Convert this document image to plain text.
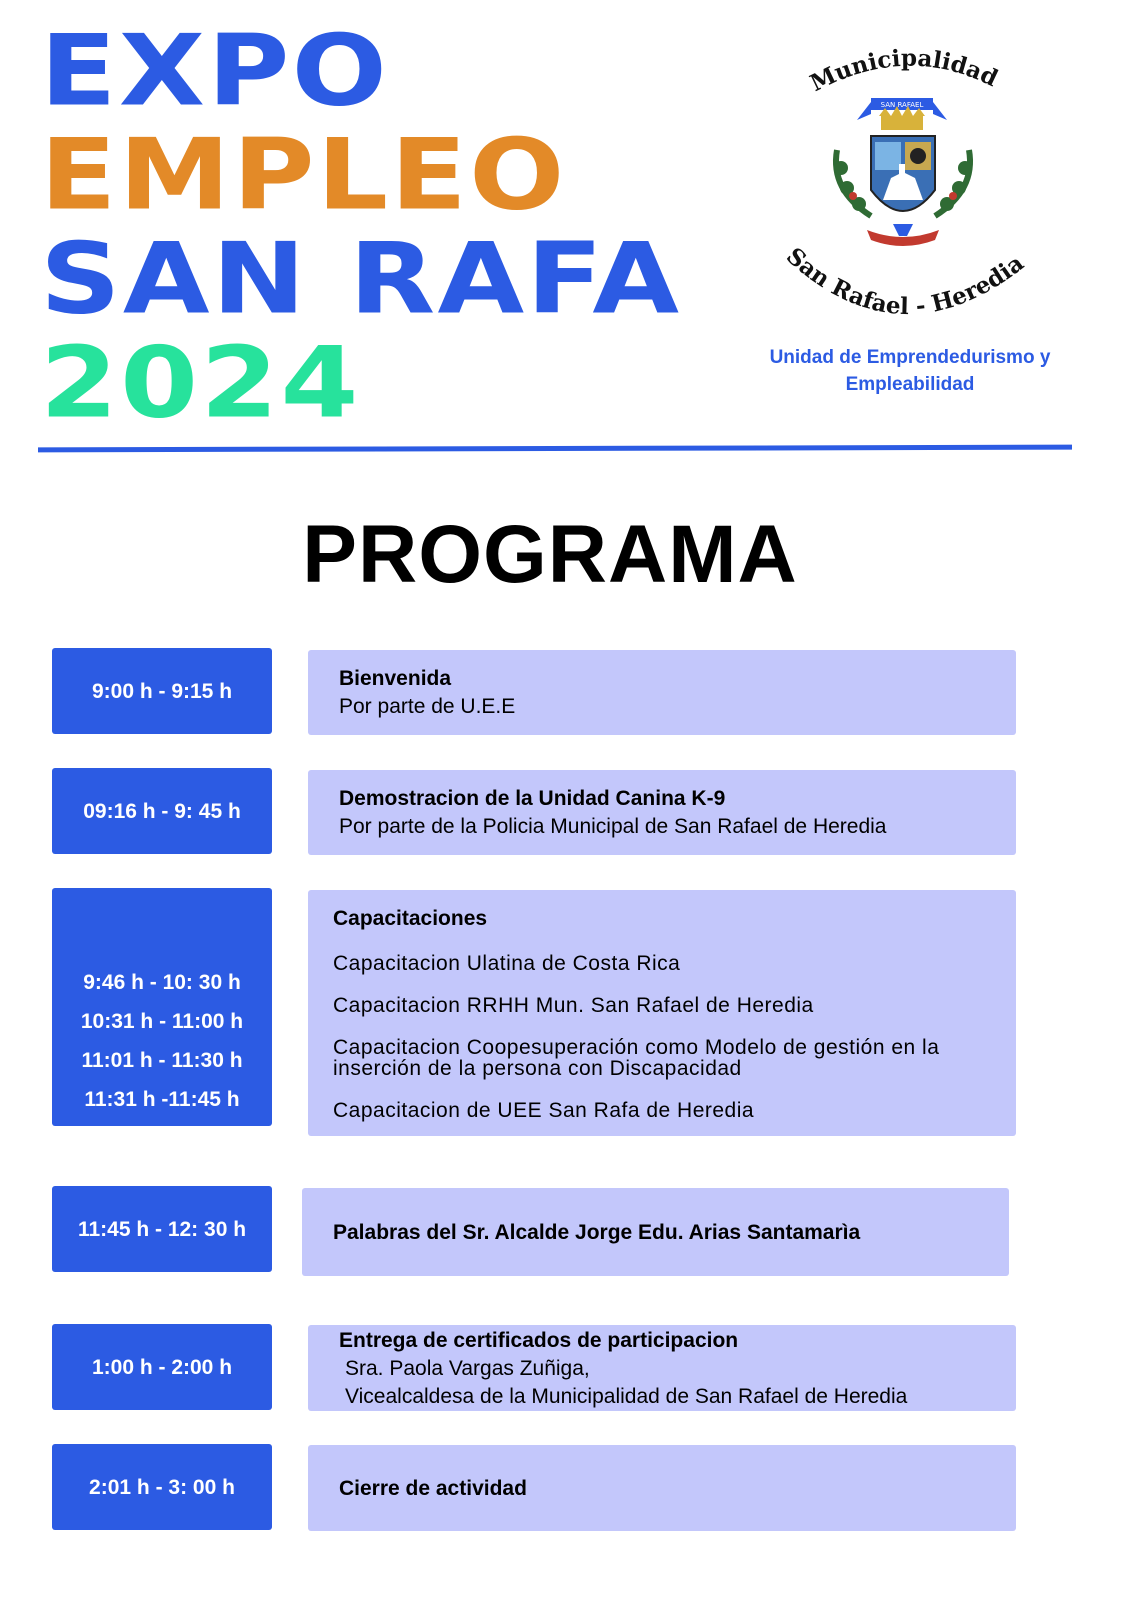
EXPO
EMPLEO
SAN RAFA
2024
Municipalidad
San Rafael - Heredia
SAN RAFAEL
Unidad de Emprendedurismo y
Empleabilidad
PROGRAMA
9:00 h - 9:15 h
Bienvenida
Por parte de U.E.E
09:16 h - 9: 45 h
Demostracion de la Unidad Canina K-9
Por parte de la Policia Municipal de San Rafael de Heredia
9:46 h - 10: 30 h
10:31 h - 11:00 h
11:01 h - 11:30 h
11:31 h -11:45 h
Capacitaciones
Capacitacion Ulatina de Costa Rica
Capacitacion RRHH Mun. San Rafael de Heredia
Capacitacion Coopesuperación como Modelo de gestión en la inserción de la persona con Discapacidad
Capacitacion de UEE San Rafa de Heredia
11:45 h - 12: 30 h	Palabras del Sr. Alcalde Jorge Edu. Arias Santamarìa
1:00 h - 2:00 h
Entrega de certificados de participacion
Sra. Paola Vargas Zuñiga,
Vicealcaldesa de la Municipalidad de San Rafael de Heredia
2:01 h - 3: 00 h	Cierre de actividad
